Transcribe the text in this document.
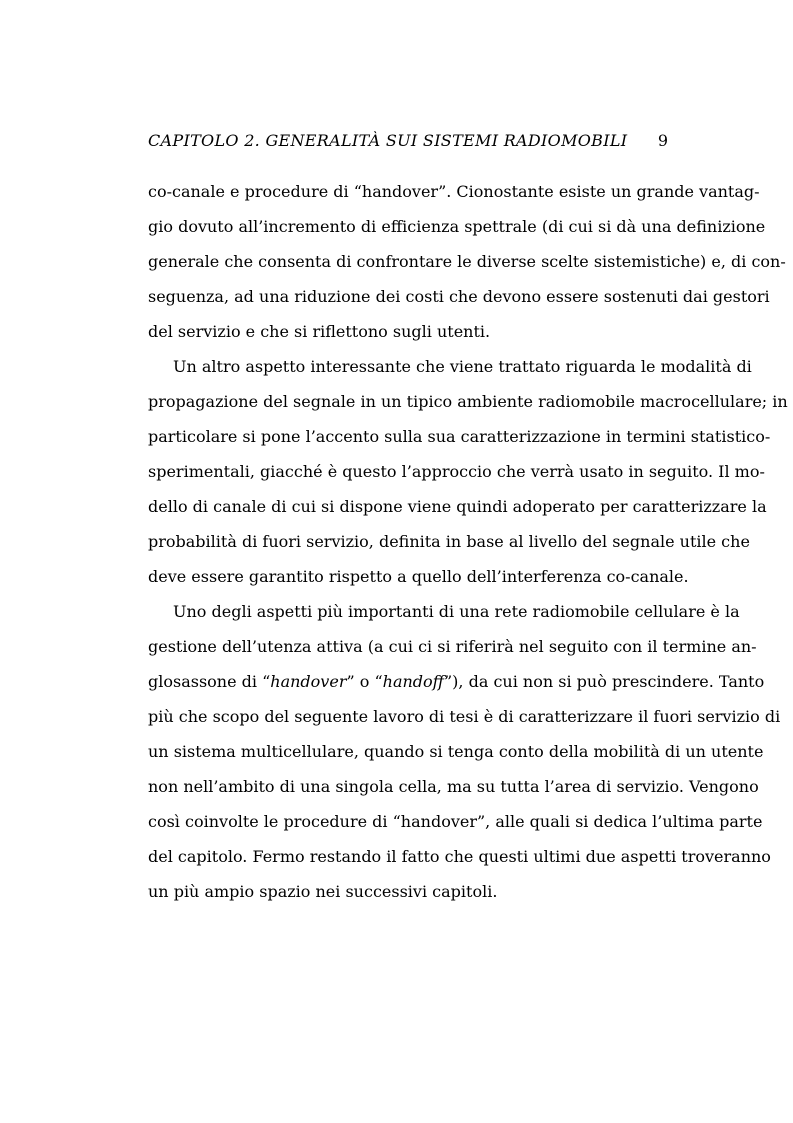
CAPITOLO 2. GENERALITÀ SUI SISTEMI RADIOMOBILI 9
co-canale e procedure di “handover”. Cionostante esiste un grande vantag-
gio dovuto all’incremento di efficienza spettrale (di cui si dà una definizione
generale che consenta di confrontare le diverse scelte sistemistiche) e, di con-
seguenza, ad una riduzione dei costi che devono essere sostenuti dai gestori
del servizio e che si riflettono sugli utenti.
Un altro aspetto interessante che viene trattato riguarda le modalità di
propagazione del segnale in un tipico ambiente radiomobile macrocellulare; in
particolare si pone l’accento sulla sua caratterizzazione in termini statistico-
sperimentali, giacché è questo l’approccio che verrà usato in seguito. Il mo-
dello di canale di cui si dispone viene quindi adoperato per caratterizzare la
probabilità di fuori servizio, definita in base al livello del segnale utile che
deve essere garantito rispetto a quello dell’interferenza co-canale.
Uno degli aspetti più importanti di una rete radiomobile cellulare è la
gestione dell’utenza attiva (a cui ci si riferirà nel seguito con il termine an-
glosassone di “handover” o “handoff”), da cui non si può prescindere. Tanto
più che scopo del seguente lavoro di tesi è di caratterizzare il fuori servizio di
un sistema multicellulare, quando si tenga conto della mobilità di un utente
non nell’ambito di una singola cella, ma su tutta l’area di servizio. Vengono
così coinvolte le procedure di “handover”, alle quali si dedica l’ultima parte
del capitolo. Fermo restando il fatto che questi ultimi due aspetti troveranno
un più ampio spazio nei successivi capitoli.
